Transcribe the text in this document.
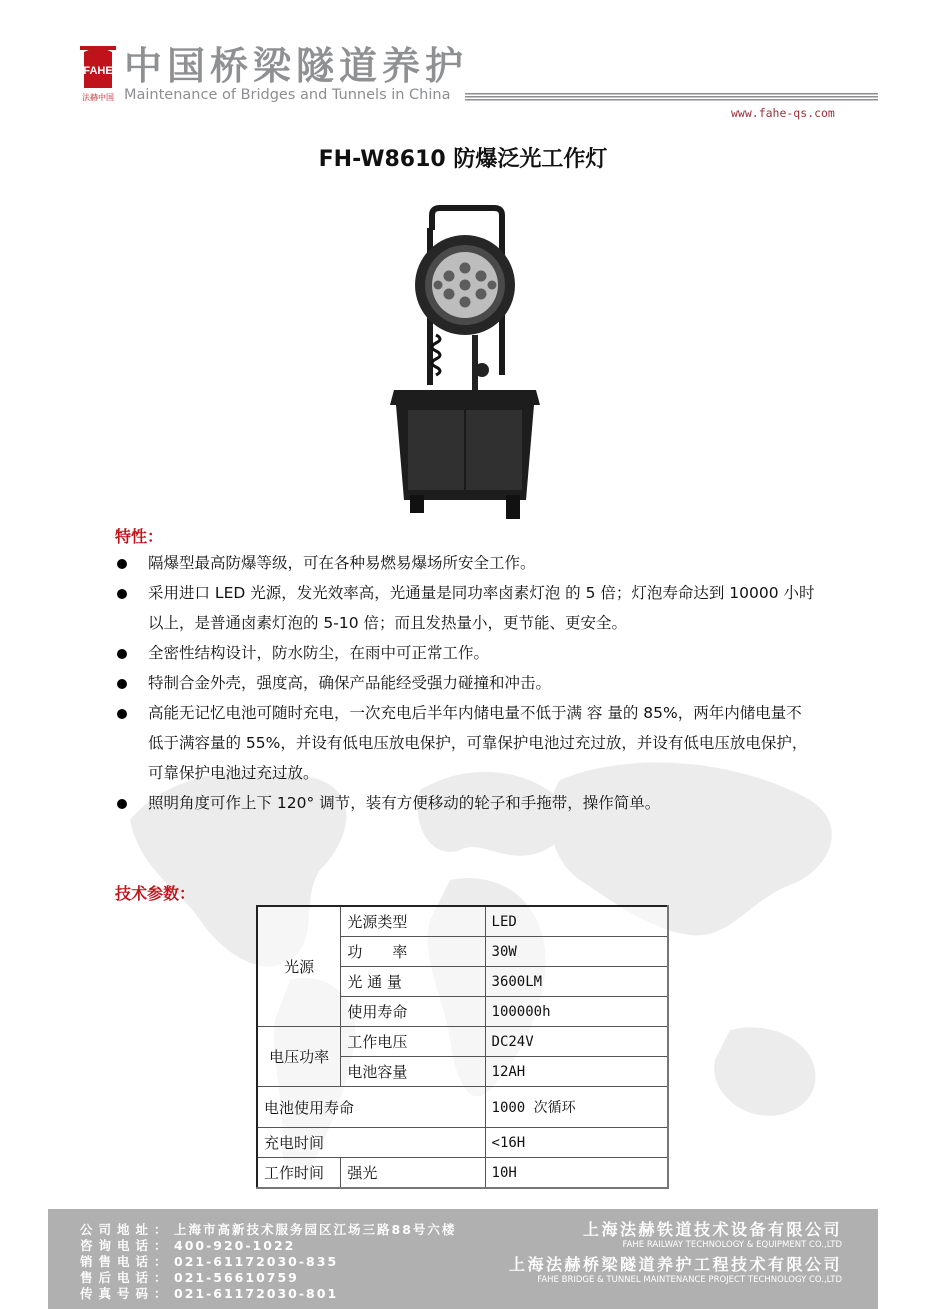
FAHE
法赫中国
中国桥梁隧道养护
Maintenance of Bridges and Tunnels in China
www.fahe-qs.com
FH-W8610 防爆泛光工作灯
特性：
隔爆型最高防爆等级，可在各种易燃易爆场所安全工作。
采用进口 LED 光源，发光效率高，光通量是同功率卤素灯泡 的 5 倍；灯泡寿命达到 10000 小时以上，是普通卤素灯泡的 5-10 倍；而且发热量小，更节能、更安全。
全密性结构设计，防水防尘，在雨中可正常工作。
特制合金外壳，强度高，确保产品能经受强力碰撞和冲击。
高能无记忆电池可随时充电，一次充电后半年内储电量不低于满 容 量的 85%，两年内储电量不低于满容量的 55%，并设有低电压放电保护，可靠保护电池过充过放，并设有低电压放电保护，可靠保护电池过充过放。
照明角度可作上下 120° 调节，装有方便移动的轮子和手拖带，操作简单。
技术参数：
光源	光源类型	LED
	功　　率	30W
	光 通 量	3600LM
	使用寿命	100000h
电压功率	工作电压	DC24V
	电池容量	12AH
电池使用寿命		1000 次循环
充电时间		<16H
工作时间	强光	10H
公司地址：上海市高新技术服务园区江场三路88号六楼
咨询电话：400-920-1022
销售电话：021-61172030-835
售后电话：021-56610759
传真号码：021-61172030-801
上海法赫铁道技术设备有限公司
FAHE RAILWAY TECHNOLOGY & EQUIPMENT CO.,LTD
上海法赫桥梁隧道养护工程技术有限公司
FAHE BRIDGE & TUNNEL MAINTENANCE PROJECT TECHNOLOGY CO.,LTD
